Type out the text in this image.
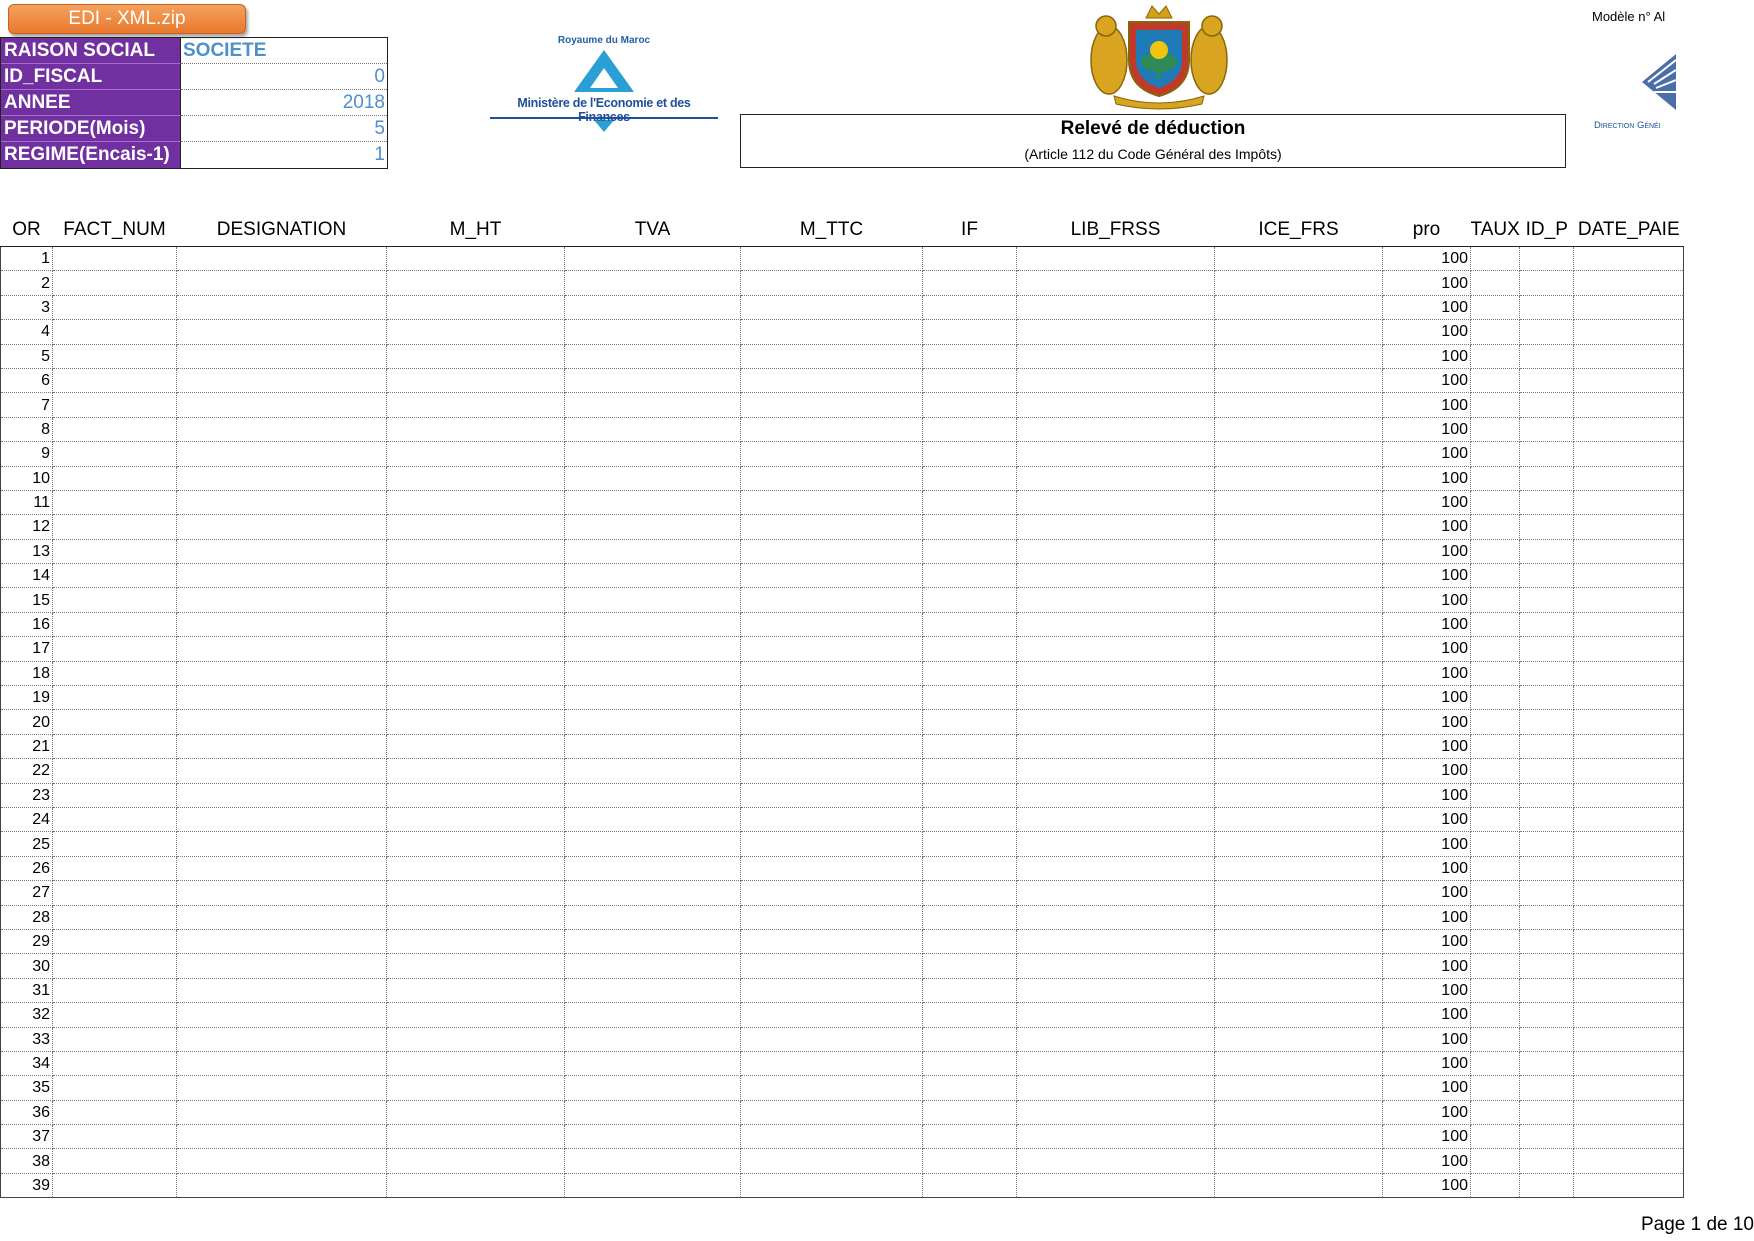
EDI - XML.zip
RAISON SOCIAL	SOCIETE
ID_FISCAL	0
ANNEE	2018
PERIODE(Mois)	5
REGIME(Encais-1)	1
Royaume du Maroc
Ministère de l'Economie et des
Relevé de déduction
(Article 112 du Code Général des Impôts)
Modèle n° Al
Direction Généi
OR	FACT_NUM	DESIGNATION	M_HT	TVA	M_TTC	IF	LIB_FRSS	ICE_FRS	pro	TAUX	ID_P	DATE_PAIE
1									100			
2									100			
3									100			
4									100			
5									100			
6									100			
7									100			
8									100			
9									100			
10									100			
11									100			
12									100			
13									100			
14									100			
15									100			
16									100			
17									100			
18									100			
19									100			
20									100			
21									100			
22									100			
23									100			
24									100			
25									100			
26									100			
27									100			
28									100			
29									100			
30									100			
31									100			
32									100			
33									100			
34									100			
35									100			
36									100			
37									100			
38									100			
39									100			
Page 1 de 10
